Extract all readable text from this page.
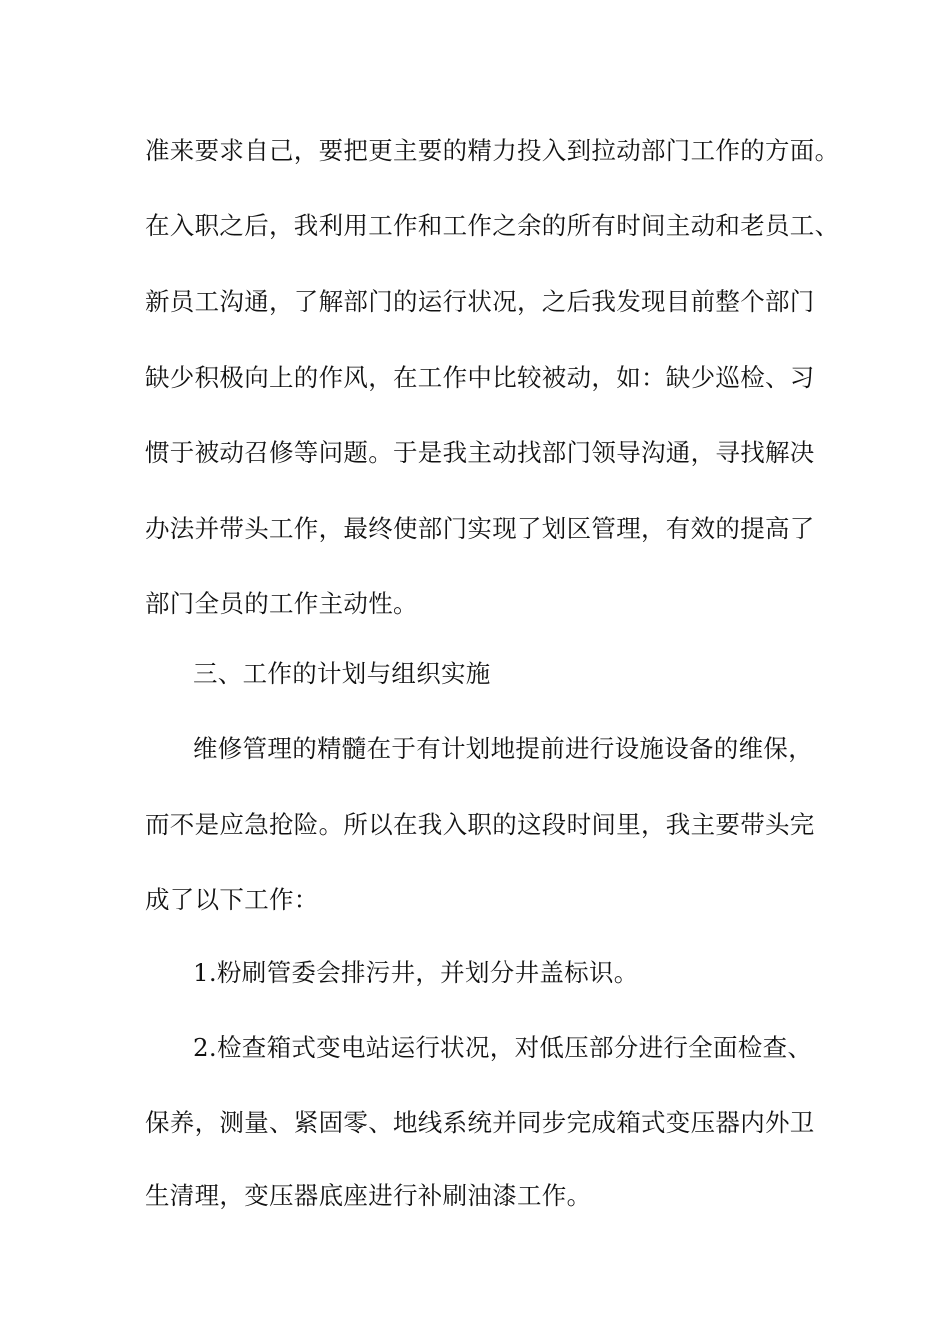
准来要求自己，要把更主要的精力投入到拉动部门工作的方面。
在入职之后，我利用工作和工作之余的所有时间主动和老员工、
新员工沟通，了解部门的运行状况，之后我发现目前整个部门
缺少积极向上的作风，在工作中比较被动，如：缺少巡检、习
惯于被动召修等问题。于是我主动找部门领导沟通，寻找解决
办法并带头工作，最终使部门实现了划区管理，有效的提高了
部门全员的工作主动性。
三、工作的计划与组织实施
维修管理的精髓在于有计划地提前进行设施设备的维保，
而不是应急抢险。所以在我入职的这段时间里，我主要带头完
成了以下工作：
1.粉刷管委会排污井，并划分井盖标识。
2.检查箱式变电站运行状况，对低压部分进行全面检查、
保养，测量、紧固零、地线系统并同步完成箱式变压器内外卫
生清理，变压器底座进行补刷油漆工作。
